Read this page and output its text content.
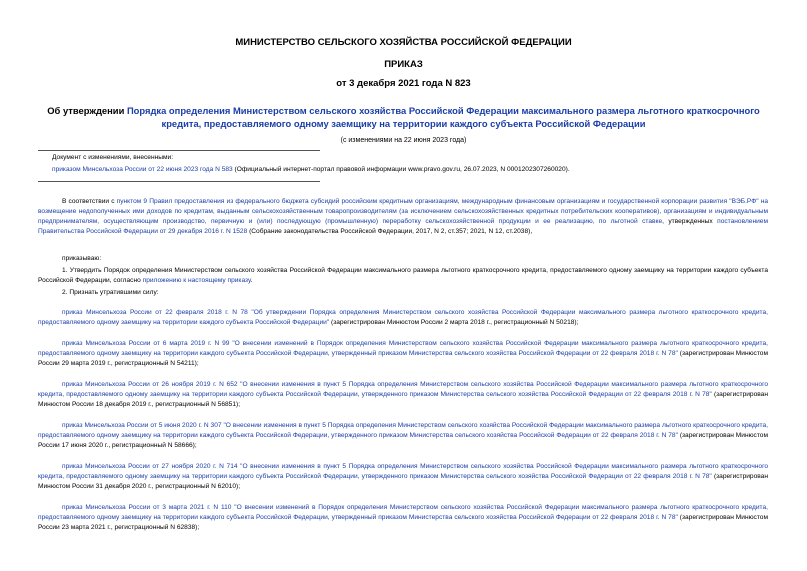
МИНИСТЕРСТВО СЕЛЬСКОГО ХОЗЯЙСТВА РОССИЙСКОЙ ФЕДЕРАЦИИ
ПРИКАЗ
от 3 декабря 2021 года N 823
Об утверждении Порядка определения Министерством сельского хозяйства Российской Федерации максимального размера льготного краткосрочного кредита, предоставляемого одному заемщику на территории каждого субъекта Российской Федерации
(с изменениями на 22 июня 2023 года)
Документ с изменениями, внесенными:
приказом Минсельхоза России от 22 июня 2023 года N 583 (Официальный интернет-портал правовой информации www.pravo.gov.ru, 26.07.2023, N 0001202307260020).
В соответствии с пунктом 9 Правил предоставления из федерального бюджета субсидий российским кредитным организациям, международным финансовым организациям и государственной корпорации развития "ВЭБ.РФ" на возмещение недополученных ими доходов по кредитам, выданным сельскохозяйственным товаропроизводителям (за исключением сельскохозяйственных кредитных потребительских кооперативов), организациям и индивидуальным предпринимателям, осуществляющим производство, первичную и (или) последующую (промышленную) переработку сельскохозяйственной продукции и ее реализацию, по льготной ставке, утвержденных постановлением Правительства Российской Федерации от 29 декабря 2016 г. N 1528 (Собрание законодательства Российской Федерации, 2017, N 2, ст.357; 2021, N 12, ст.2038),
приказываю:
1. Утвердить Порядок определения Министерством сельского хозяйства Российской Федерации максимального размера льготного краткосрочного кредита, предоставляемого одному заемщику на территории каждого субъекта Российской Федерации, согласно приложению к настоящему приказу.
2. Признать утратившими силу:

приказ Минсельхоза России от 22 февраля 2018 г. N 78 "Об утверждении Порядка определения Министерством сельского хозяйства Российской Федерации максимального размера льготного краткосрочного кредита, предоставляемого одному заемщику на территории каждого субъекта Российской Федерации" (зарегистрирован Минюстом России 2 марта 2018 г., регистрационный N 50218);

приказ Минсельхоза России от 6 марта 2019 г. N 99 "О внесении изменений в Порядок определения Министерством сельского хозяйства Российской Федерации максимального размера льготного краткосрочного кредита, предоставляемого одному заемщику на территории каждого субъекта Российской Федерации, утвержденный приказом Министерства сельского хозяйства Российской Федерации от 22 февраля 2018 г. N 78" (зарегистрирован Минюстом России 29 марта 2019 г., регистрационный N 54211);

приказ Минсельхоза России от 26 ноября 2019 г. N 652 "О внесении изменения в пункт 5 Порядка определения Министерством сельского хозяйства Российской Федерации максимального размера льготного краткосрочного кредита, предоставляемого одному заемщику на территории каждого субъекта Российской Федерации, утвержденного приказом Министерства сельского хозяйства Российской Федерации от 22 февраля 2018 г. N 78" (зарегистрирован Минюстом России 18 декабря 2019 г., регистрационный N 56851);

приказ Минсельхоза России от 5 июня 2020 г. N 307 "О внесении изменения в пункт 5 Порядка определения Министерством сельского хозяйства Российской Федерации максимального размера льготного краткосрочного кредита, предоставляемого одному заемщику на территории каждого субъекта Российской Федерации, утвержденного приказом Министерства сельского хозяйства Российской Федерации от 22 февраля 2018 г. N 78" (зарегистрирован Минюстом России 17 июня 2020 г., регистрационный N 58666);

приказ Минсельхоза России от 27 ноября 2020 г. N 714 "О внесении изменения в пункт 5 Порядка определения Министерством сельского хозяйства Российской Федерации максимального размера льготного краткосрочного кредита, предоставляемого одному заемщику на территории каждого субъекта Российской Федерации, утвержденного приказом Министерства сельского хозяйства Российской Федерации от 22 февраля 2018 г. N 78" (зарегистрирован Минюстом России 31 декабря 2020 г., регистрационный N 62010);

приказ Минсельхоза России от 3 марта 2021 г. N 110 "О внесении изменений в Порядок определения Министерством сельского хозяйства Российской Федерации максимального размера льготного краткосрочного кредита, предоставляемого одному заемщику на территории каждого субъекта Российской Федерации, утвержденный приказом Министерства сельского хозяйства Российской Федерации от 22 февраля 2018 г. N 78" (зарегистрирован Минюстом России 23 марта 2021 г., регистрационный N 62838);
